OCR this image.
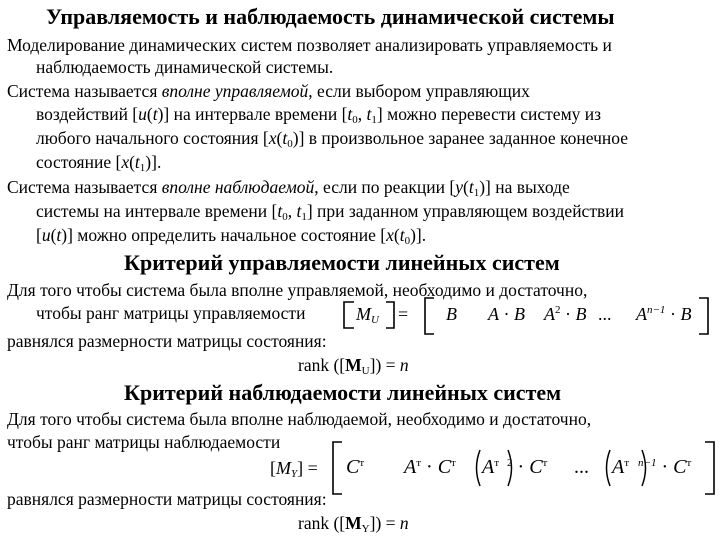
Управляемость и наблюдаемость динамической системы
Моделирование динамических систем позволяет анализировать управляемость и
наблюдаемость динамической системы.
Система называется вполне управляемой, если выбором управляющих
воздействий [u(t)] на интервале времени [$t_0$, $t_1$] можно перевести систему из
любого начального состояния $[x(t_0)]$ в произвольное заранее заданное конечное
состояние $[x(t_1)]$.
Система называется вполне наблюдаемой, если по реакции $[y(t_1)]$ на выходе
системы на интервале времени [$t_0$, $t_1$] при заданном управляющем воздействии
[u(t)] можно определить начальное состояние $[x(t_0)]$.
Критерий управляемости линейных систем
Для того чтобы система была вполне управляемой, необходимо и достаточно,
чтобы ранг матрицы управляемости	$M_U = B$ A · B $A^2 \cdot B$ ... $A^{n-1} \cdot B$
равнялся размерности матрицы состояния:
rank $([M_U]) = n$
Критерий наблюдаемости линейных систем
Для того чтобы система была вполне наблюдаемой, необходимо и достаточно,
чтобы ранг матрицы наблюдаемости
$[M_Y] = C^т$ $A^т \cdot C^т$ $A^т$ $^2 \cdot C^т$ ... $A^т$ $^{n-1} \cdot C^т$
равнялся размерности матрицы состояния:
rank $([M_Y]) = n$
